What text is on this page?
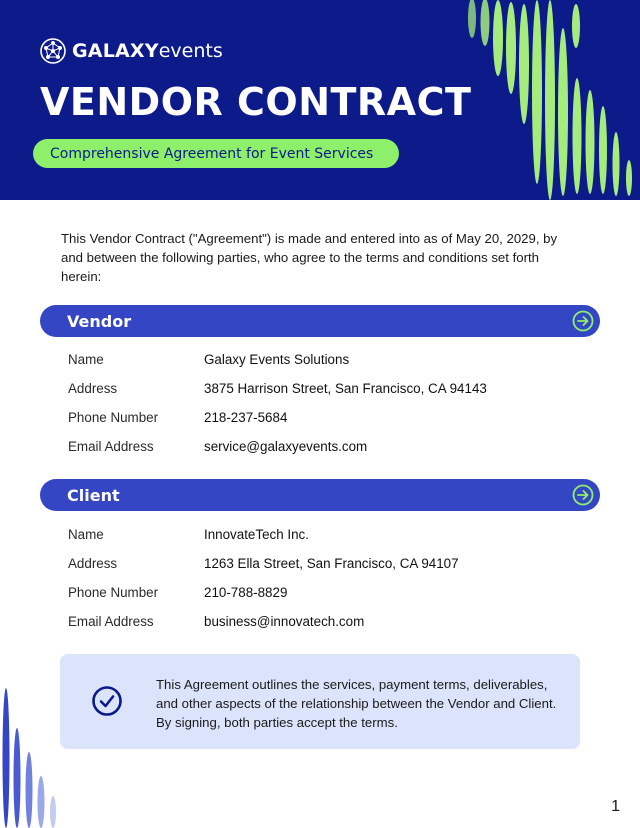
GALAXY events
VENDOR CONTRACT
Comprehensive Agreement for Event Services

This Vendor Contract ("Agreement") is made and entered into as of May 20, 2029, by and between the following parties, who agree to the terms and conditions set forth herein:

Vendor
Name	Galaxy Events Solutions
Address	3875 Harrison Street, San Francisco, CA 94143
Phone Number	218-237-5684
Email Address	service@galaxyevents.com
Client
Name	InnovateTech Inc.
Address	1263 Ella Street, San Francisco, CA 94107
Phone Number	210-788-8829
Email Address	business@innovatech.com

This Agreement outlines the services, payment terms, deliverables, and other aspects of the relationship between the Vendor and Client. By signing, both parties accept the terms.

1
